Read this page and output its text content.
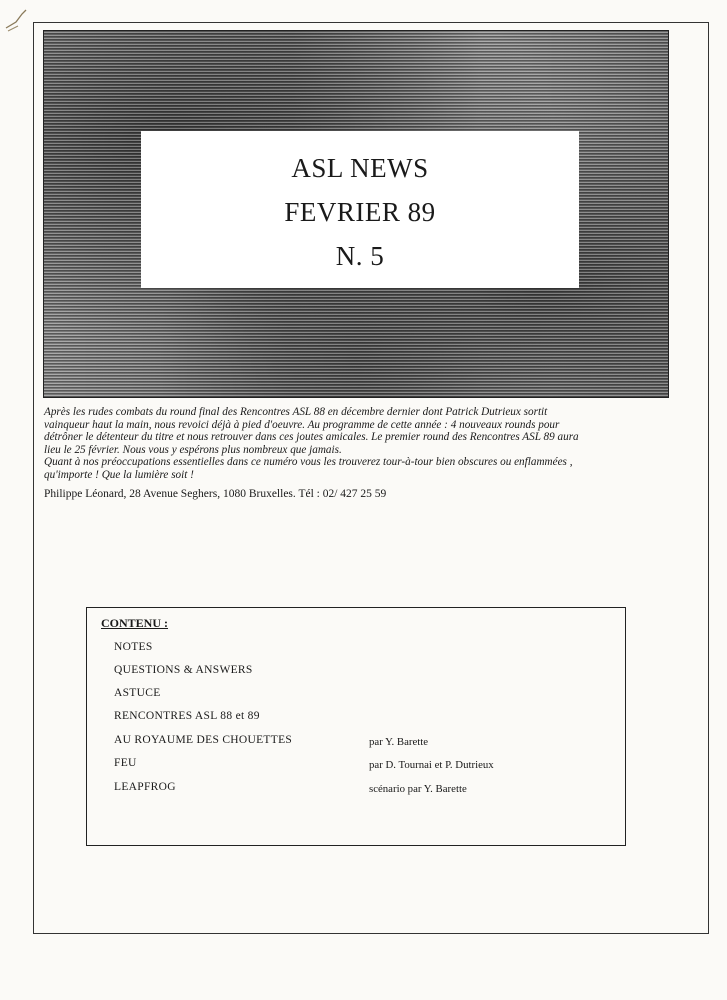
ASL NEWS
FEVRIER 89
N. 5

Après les rudes combats du round final des Rencontres ASL 88 en décembre dernier dont Patrick Dutrieux sortit
vainqueur haut la main, nous revoici déjà à pied d'oeuvre. Au programme de cette année : 4 nouveaux rounds pour
détrôner le détenteur du titre et nous retrouver dans ces joutes amicales. Le premier round des Rencontres ASL 89 aura
lieu le 25 février. Nous vous y espérons plus nombreux que jamais.
Quant à nos préoccupations essentielles dans ce numéro vous les trouverez tour-à-tour bien obscures ou enflammées ,
qu'importe ! Que la lumière soit !

Philippe Léonard, 28 Avenue Seghers, 1080 Bruxelles. Tél : 02/ 427 25 59

CONTENU :
NOTES
QUESTIONS & ANSWERS
ASTUCE
RENCONTRES ASL 88 et 89
AU ROYAUME DES CHOUETTES	par Y. Barette
FEU	par D. Tournai et P. Dutrieux
LEAPFROG	scénario par Y. Barette
